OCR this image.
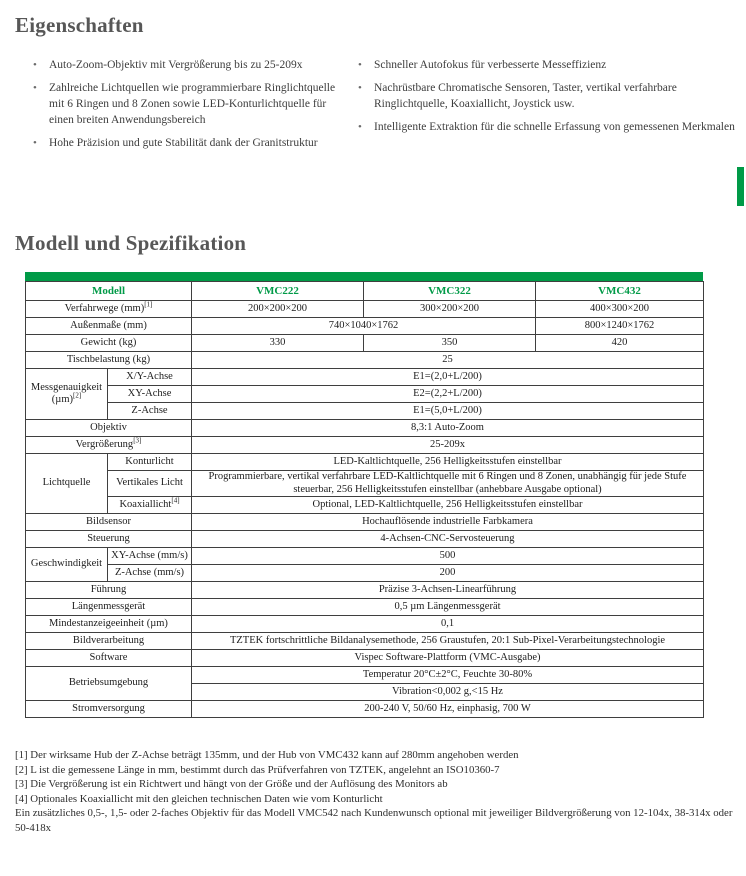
Eigenschaften
• Auto-Zoom-Objektiv mit Vergrößerung bis zu 25-209x
• Zahlreiche Lichtquellen wie programmierbare Ringlichtquelle mit 6 Ringen und 8 Zonen sowie LED-Konturlichtquelle für einen breiten Anwendungsbereich
• Hohe Präzision und gute Stabilität dank der Granitstruktur
• Schneller Autofokus für verbesserte Messeffizienz
• Nachrüstbare Chromatische Sensoren, Taster, vertikal verfahrbare Ringlichtquelle, Koaxiallicht, Joystick usw.
• Intelligente Extraktion für die schnelle Erfassung von gemessenen Merkmalen
Modell und Spezifikation
Modell		VMC222	VMC322	VMC432
Verfahrwege (mm)[1]		200×200×200	300×200×200	400×300×200
Außenmaße (mm)		740×1040×1762		800×1240×1762
Gewicht (kg)		330	350	420
Tischbelastung (kg)		25		
Messgenauigkeit (µm)[2]	X/Y-Achse	E1=(2,0+L/200)		
	XY-Achse	E2=(2,2+L/200)		
	Z-Achse	E1=(5,0+L/200)		
Objektiv		8,3:1 Auto-Zoom		
Vergrößerung[3]		25-209x		
Lichtquelle	Konturlicht	LED-Kaltlichtquelle, 256 Helligkeitsstufen einstellbar		
	Vertikales Licht	Programmierbare, vertikal verfahrbare LED-Kaltlichtquelle mit 6 Ringen und 8 Zonen, unabhängig für jede Stufe steuerbar, 256 Helligkeitsstufen einstellbar (anhebbare Ausgabe optional)		
	Koaxiallicht[4]	Optional, LED-Kaltlichtquelle, 256 Helligkeitsstufen einstellbar		
Bildsensor		Hochauflösende industrielle Farbkamera		
Steuerung		4-Achsen-CNC-Servosteuerung		
Geschwindigkeit	XY-Achse (mm/s)	500		
	Z-Achse (mm/s)	200		
Führung		Präzise 3-Achsen-Linearführung		
Längenmessgerät		0,5 µm Längenmessgerät		
Mindestanzeigeeinheit (µm)		0,1		
Bildverarbeitung		TZTEK fortschrittliche Bildanalysemethode, 256 Graustufen, 20:1 Sub-Pixel-Verarbeitungstechnologie		
Software		Vispec Software-Plattform (VMC-Ausgabe)		
Betriebsumgebung		Temperatur 20°C±2°C, Feuchte 30-80%		
		Vibration<0,002 g,<15 Hz		
Stromversorgung		200-240 V, 50/60 Hz, einphasig, 700 W		

[1] Der wirksame Hub der Z-Achse beträgt 135mm, und der Hub von VMC432 kann auf 280mm angehoben werden

[2] L ist die gemessene Länge in mm, bestimmt durch das Prüfverfahren von TZTEK, angelehnt an ISO10360-7

[3] Die Vergrößerung ist ein Richtwert und hängt von der Größe und der Auflösung des Monitors ab

[4] Optionales Koaxiallicht mit den gleichen technischen Daten wie vom Konturlicht

Ein zusätzliches 0,5-, 1,5- oder 2-faches Objektiv für das Modell VMC542 nach Kundenwunsch optional mit jeweiliger Bildvergrößerung von 12-104x, 38-314x oder 50-418x
